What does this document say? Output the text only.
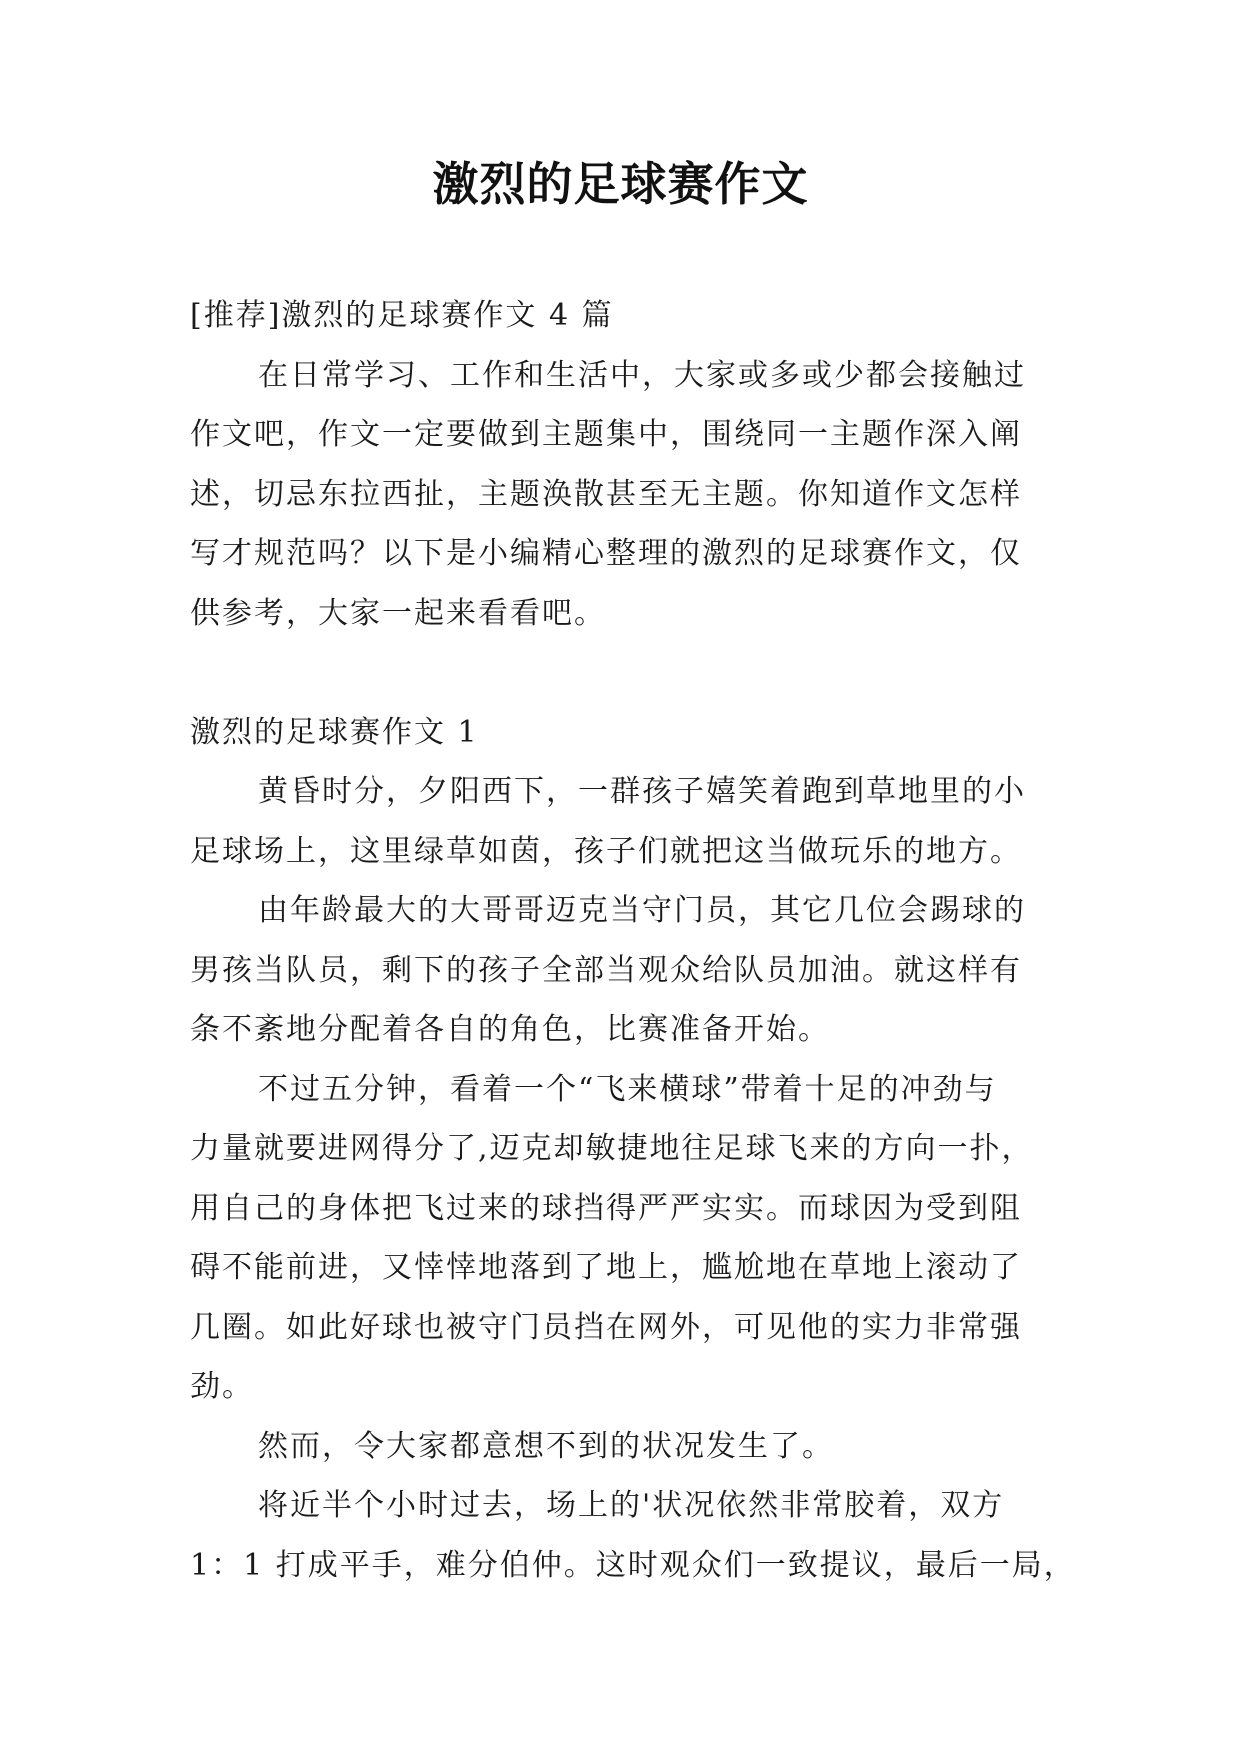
激烈的足球赛作文
[推荐]激烈的足球赛作文 4 篇
在日常学习、工作和生活中，大家或多或少都会接触过
作文吧，作文一定要做到主题集中，围绕同一主题作深入阐
述，切忌东拉西扯，主题涣散甚至无主题。你知道作文怎样
写才规范吗？以下是小编精心整理的激烈的足球赛作文，仅
供参考，大家一起来看看吧。
激烈的足球赛作文 1
黄昏时分，夕阳西下，一群孩子嬉笑着跑到草地里的小
足球场上，这里绿草如茵，孩子们就把这当做玩乐的地方。
由年龄最大的大哥哥迈克当守门员，其它几位会踢球的
男孩当队员，剩下的孩子全部当观众给队员加油。就这样有
条不紊地分配着各自的角色，比赛准备开始。
不过五分钟，看着一个“飞来横球”带着十足的冲劲与
力量就要进网得分了,迈克却敏捷地往足球飞来的方向一扑，
用自己的身体把飞过来的球挡得严严实实。而球因为受到阻
碍不能前进，又悻悻地落到了地上，尴尬地在草地上滚动了
几圈。如此好球也被守门员挡在网外，可见他的实力非常强
劲。
然而，令大家都意想不到的状况发生了。
将近半个小时过去，场上的'状况依然非常胶着，双方
1：1 打成平手，难分伯仲。这时观众们一致提议，最后一局，
